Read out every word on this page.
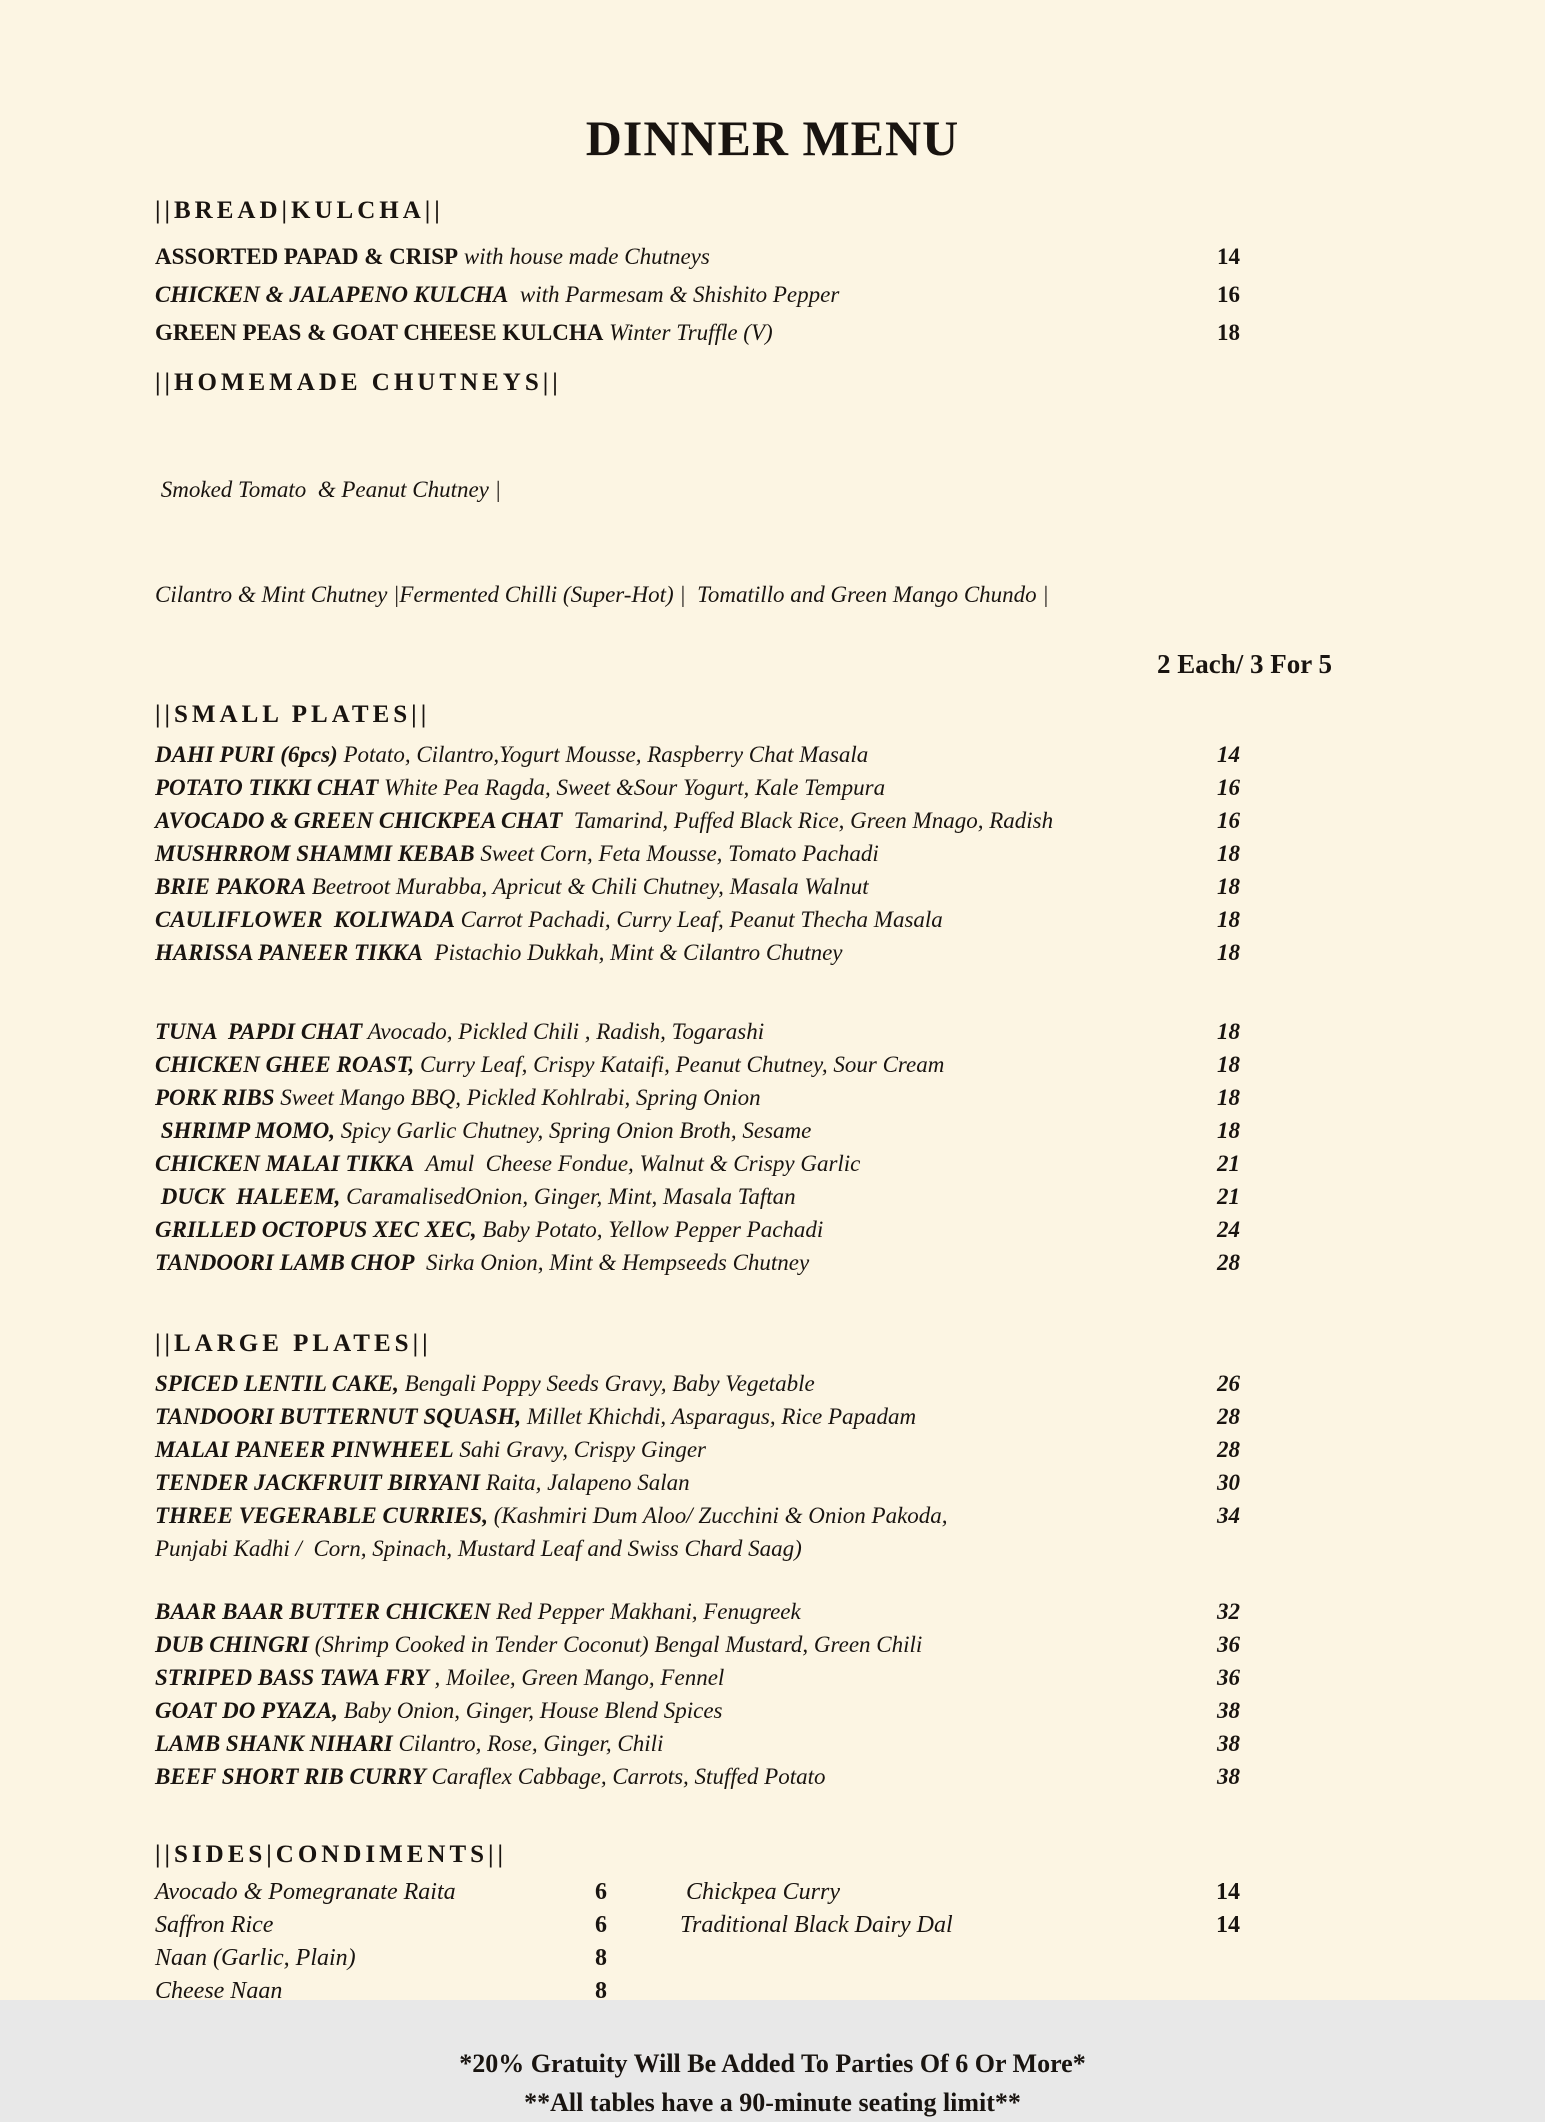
DINNER MENU
||BREAD|KULCHA||
ASSORTED PAPAD & CRISP with house made Chutneys	14
CHICKEN & JALAPENO KULCHA  with Parmesam & Shishito Pepper	16
GREEN PEAS & GOAT CHEESE KULCHA Winter Truffle (V)	18
||HOMEMADE CHUTNEYS||

Smoked Tomato  & Peanut Chutney |

Cilantro & Mint Chutney |Fermented Chilli (Super-Hot) |  Tomatillo and Green Mango Chundo |

2 Each/ 3 For 5
||SMALL PLATES||
DAHI PURI (6pcs) Potato, Cilantro,Yogurt Mousse, Raspberry Chat Masala	14
POTATO TIKKI CHAT White Pea Ragda, Sweet &Sour Yogurt, Kale Tempura	16
AVOCADO & GREEN CHICKPEA CHAT  Tamarind, Puffed Black Rice, Green Mnago, Radish	16
MUSHRROM SHAMMI KEBAB Sweet Corn, Feta Mousse, Tomato Pachadi	18
BRIE PAKORA Beetroot Murabba, Apricut & Chili Chutney, Masala Walnut	18
CAULIFLOWER  KOLIWADA Carrot Pachadi, Curry Leaf, Peanut Thecha Masala	18
HARISSA PANEER TIKKA  Pistachio Dukkah, Mint & Cilantro Chutney	18
TUNA  PAPDI CHAT Avocado, Pickled Chili , Radish, Togarashi	18
CHICKEN GHEE ROAST, Curry Leaf, Crispy Kataifi, Peanut Chutney, Sour Cream	18
PORK RIBS Sweet Mango BBQ, Pickled Kohlrabi, Spring Onion	18
SHRIMP MOMO, Spicy Garlic Chutney, Spring Onion Broth, Sesame	18
CHICKEN MALAI TIKKA  Amul  Cheese Fondue, Walnut & Crispy Garlic	21
DUCK  HALEEM, CaramalisedOnion, Ginger, Mint, Masala Taftan	21
GRILLED OCTOPUS XEC XEC, Baby Potato, Yellow Pepper Pachadi	24
TANDOORI LAMB CHOP  Sirka Onion, Mint & Hempseeds Chutney	28
||LARGE PLATES||
SPICED LENTIL CAKE, Bengali Poppy Seeds Gravy, Baby Vegetable	26
TANDOORI BUTTERNUT SQUASH, Millet Khichdi, Asparagus, Rice Papadam	28
MALAI PANEER PINWHEEL Sahi Gravy, Crispy Ginger	28
TENDER JACKFRUIT BIRYANI Raita, Jalapeno Salan	30
THREE VEGERABLE CURRIES, (Kashmiri Dum Aloo/ Zucchini & Onion Pakoda,	34
Punjabi Kadhi /  Corn, Spinach, Mustard Leaf and Swiss Chard Saag)
BAAR BAAR BUTTER CHICKEN Red Pepper Makhani, Fenugreek	32
DUB CHINGRI (Shrimp Cooked in Tender Coconut) Bengal Mustard, Green Chili	36
STRIPED BASS TAWA FRY , Moilee, Green Mango, Fennel	36
GOAT DO PYAZA, Baby Onion, Ginger, House Blend Spices	38
LAMB SHANK NIHARI Cilantro, Rose, Ginger, Chili	38
BEEF SHORT RIB CURRY Caraflex Cabbage, Carrots, Stuffed Potato	38
||SIDES|CONDIMENTS||
Avocado & Pomegranate Raita	6
Saffron Rice	6
Naan (Garlic, Plain)	8
Cheese Naan	8
Chickpea Curry	14
Traditional Black Dairy Dal	14
*20% Gratuity Will Be Added To Parties Of 6 Or More*
**All tables have a 90-minute seating limit**
